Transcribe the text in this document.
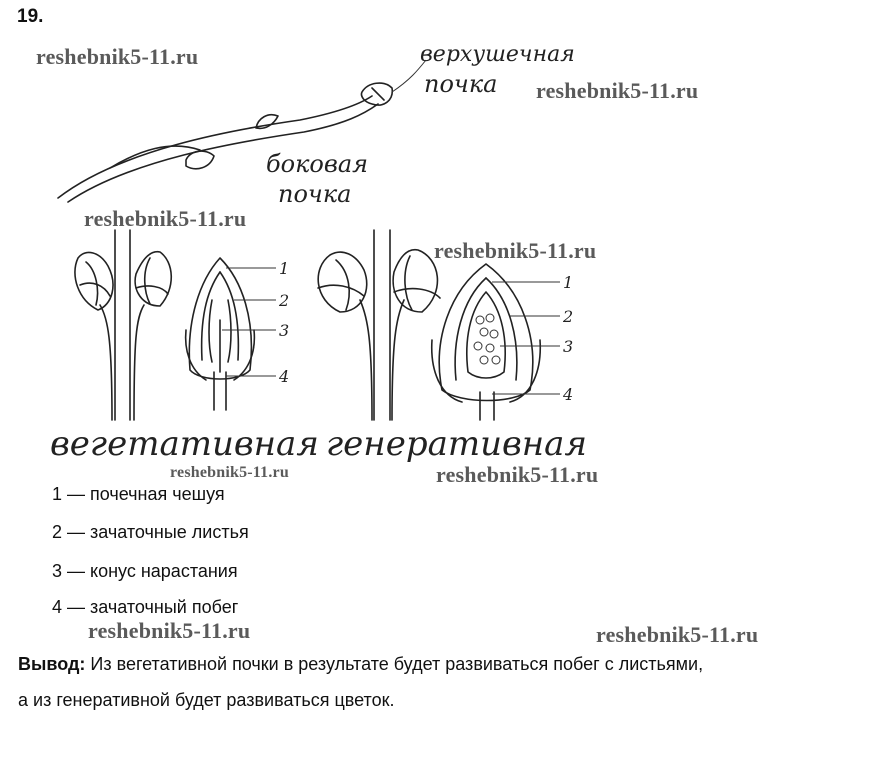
19.
1
2
3
4
1
2
3
4
верхушечная
почка
боковая
почка
вегетативная генеративная
reshebnik5-11.ru
reshebnik5-11.ru
reshebnik5-11.ru
reshebnik5-11.ru
reshebnik5-11.ru	reshebnik5-11.ru
reshebnik5-11.ru	reshebnik5-11.ru
1 — почечная чешуя
2 — зачаточные листья
3 — конус нарастания
4 — зачаточный побег
Вывод: Из вегетативной почки в результате будет развиваться побег с листьями,
а из генеративной будет развиваться цветок.
